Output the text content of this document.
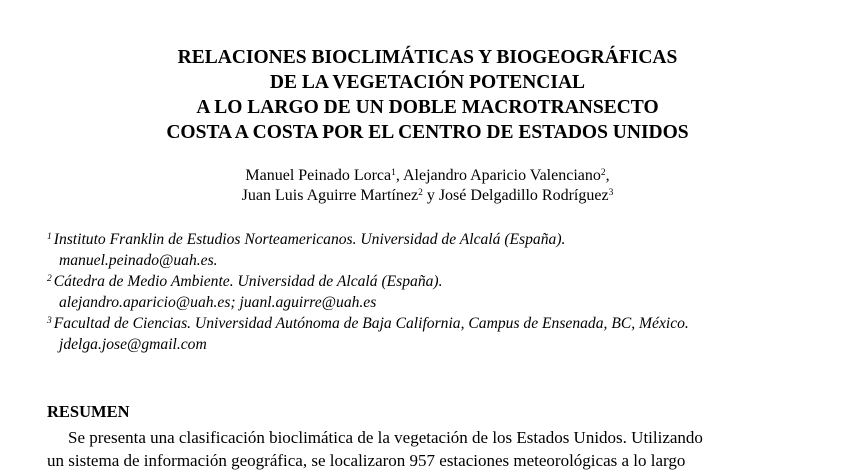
RELACIONES BIOCLIMÁTICAS Y BIOGEOGRÁFICAS
DE LA VEGETACIÓN POTENCIAL
A LO LARGO DE UN DOBLE MACROTRANSECTO
COSTA A COSTA POR EL CENTRO DE ESTADOS UNIDOS
Manuel Peinado Lorca$^1$, Alejandro Aparicio Valenciano$^2$,
Juan Luis Aguirre Martínez$^2$ y José Delgadillo Rodríguez$^3$
$^1$ Instituto Franklin de Estudios Norteamericanos. Universidad de Alcalá (España).
manuel.peinado@uah.es.
$^2$ Cátedra de Medio Ambiente. Universidad de Alcalá (España).
alejandro.aparicio@uah.es; juanl.aguirre@uah.es
$^3$ Facultad de Ciencias. Universidad Autónoma de Baja California, Campus de Ensenada, BC, México.
jdelga.jose@gmail.com
RESUMEN
Se presenta una clasificación bioclimática de la vegetación de los Estados Unidos. Utilizando
un sistema de información geográfica, se localizaron 957 estaciones meteorológicas a lo largo
